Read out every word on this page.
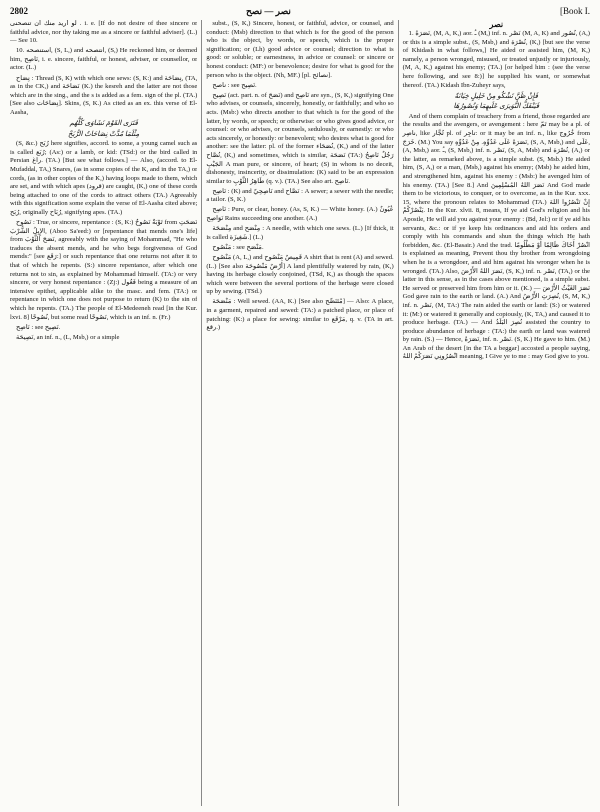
2802	نصر — نصح	[Book I.

لو أريد منك أن تنصحنى . i. e. [If do not desire of thee sincere or faithful advice, nor thy taking me as a sincere or faithful adviser]. (L.) — See 10.

10. استنصحه, (S, L,) and انتصحه, (S,) He reckoned him, or deemed him, نَاصِح, i. e. sincere, faithful, or honest, adviser, or counsellor, or actor. (L.)

نِصَاح : Thread (S, K) with which one sews: (S, K:) and نِصَاحَة, (TA, as in the CK,) and نَصَاحَة (K.) the kesreh and the latter are not those which are in the sing., and the s is added as a fem. sign of the pl. (TA.) [See also نِصَاحَات]. Skins, (S, K.) As cited as an ex. this verse of El-Aasha,

فَتَرَى القَوْمَ نَشَاوَى كُلَّهُم

مِثْلَمَا مُدَّتْ نِصَاحَاتُ الرُّبَحْ

(S, &c.) رُبَح here signifies, accord. to some, a young camel such as is called رُبَع; (As:) or a lamb, or kid: (TSd:) or the bird called in Persian راغ. (TA.) [But see what follows.] — Also, (accord. to El-Mufaddal, TA,) Snares, (as in some copies of the K, and in the TA,) or cords, (as in other copies of the K,) having loops made to them, which are set, and with which apes (قرود) are caught, (K,) one of these cords being attached to one of the cords to attract others (TA.) Agreeably with this signification some explain the verse of El-Aasha cited above; رُبَح, originally رُبَاح, signifying apes. (TA.)

نَصُوح : True, or sincere, repentance : (S, K:) تَوْبَةٌ نَصُوحٌ from نَصَحَتِ الإِبِلُ الشُّرْبَ, (Aboo Sa'eed:) or [repentance that mends one's life] from نَصَحَ الثَّوْبَ, agreeably with the saying of Mohammad, "He who traduces the absent mends, and he who begs forgiveness of God mends:" [see رَقَع:] or such repentance that one returns not after it to that of which he repents. (S:) sincere repentance, after which one returns not to sin, as explained by Mohammad himself. (TA:) or very sincere, or very honest repentance : (Zj:) فَعُول being a measure of an intensive epithet, applicable alike to the masc. and fem. (TA:) or repentance in which one does not purpose to return (K) to the sin of which he repents. (TA.) The people of El-Medeeneh read [in the Kur. lxvi. 8] نُصُوحًا, but some read نَصُوحًا, which is an inf. n. (Fr.)

نَاصِح : see نَصِيح.

نَصِيحَة, an inf. n., (L, Msb,) or a simple

subst., (S, K,) Sincere, honest, or faithful, advice, or counsel, and conduct: (Msb) direction to that which is for the good of the person who is the object, by words, or speech, which is the proper signification; or (Lh) good advice or counsel; direction to what is good: or soluble; or earnestness, in advice or counsel: or sincere or honest conduct: (MF:) or benevolence; desire for what is good for the person who is the object. (Nh, MF.) [pl. نصائح].

ناصح : see نَصِيح.

نَصِيح (act. part. n. of نَصَحَ) and نَاصِح are syn., (S, K,) signifying One who advises, or counsels, sincerely, honestly, or faithfully; and who so acts. (Msb:) who directs another to that which is for the good of the latter, by words, or speech; or otherwise: or who gives good advice, or counsel: or who advises, or counsels, sedulously, or earnestly: or who acts sincerely, or honestly: or benevolent; who desires what is good for another: see the latter: pl. of the former نُصَحَاء, (K,) and of the latter نُصَّاح, (K,) and sometimes, which is similar, نَصَحَة (TA:) رَجُلٌ نَاصِحُ الجَيْبِ A man pure, or sincere, of heart; (S) in whom is no deceit, dishonesty, insincerity, or dissimulation: (K) said to be an expression similar to طَاهِرُ الثَّوْبِ (q. v.). (TA.) See also art. نَاصِح.

نَاصِح : (K) and نَاصِحِيّ and نَصَّاح : A sewer; a sewer with the needle; a tailor. (S, K.)

نَاصِح : Pure, or clear, honey. (As, S, K.) — White honey. (A.) عُيُونٌ نَوَاصِح Rains succeeding one another. (A.)

مِنْصَحَة and مِنْصَح : A needle, with which one sews. (L.) [If thick, it is called شَغِيزَة.] (L.)

مَنْصُوح : see مَنْصَح.

مَنْصُوح (A, L,) and قَمِيصٌ مَنْصُوح A shirt that is rent (A) and sewed. (L.) [See also أَرْضٌ مَنْصُوحَة] A land plentifully watered by rain, (K,) having its herbage closely conjoined, (TSd, K,) as though the spaces which were between the several portions of the herbage were closed up by sewing. (TSd.)

مَنْصَحَة : Well sewed. (AA, K.) [See also مُتَنَصِّح] — Also: A place, in a garment, repaired and sewed: (TA:) a patched place, or place of patching: (K:) a place for sewing: similar to مَرْقَع, q. v. (TA in art. رقع.)

نصر

1. نَصَرَهُ, (M, A, K,) aor. ـُ (M,) inf. n. نَصْر (M, A, K) and نُصُور, (A,) or this is a simple subst., (S, Msb,) and نُصْرَة, (K,) [but see the verse of Khidash in what follows,] He aided or assisted him, (M, K,) namely, a person wronged, misused, or treated unjustly or injuriously, (M, A, K,) against his enemy; (TA.) [or helped him : (see the verse here following, and see 8:)] he supplied his want, or somewhat thereof. (TA.) Kidash Ibn-Zuheyr says,

فَإِنْ ظَنَّ تَشْكُو مِنْ خَلِيلٍ خِيَانَةً

فَيَنْفَكُّ النُّوَيرَى عَلَيهِمَا وَنُصُورُهَا

And of them complain of treachery from a friend, those regarded are the results and the avengers, or avengement : here تَمّ may be a pl. of ناصِر, like تُجَّار pl. of تاجِر: or it may be an inf. n., like خُرُوج from خَرَجَ. (M.) You say نَصَرَهُ عَلَى عَدُوِّهِ. مِنْ عَدُوِّهِ, (S, A, Msb,) and عَلَى, (A, Msb,) aor. ـُ, (S, Msb,) inf. n. نَصْر, (S, A, Msb) and نُصْرَة, (A,) or the latter, as remarked above, is a simple subst. (S, Msb.) He aided him, (S, A,) or a man, (Msb,) against his enemy; (Msb) he aided him, and strengthened him, against his enemy : (Msb:) he avenged him of his enemy. (TA.) [See 8.] And نَصَرَ اللهُ المُسْلِمِينَ And God made them to be victorious, to conquer, or to overcome, as in the Kur. xxx. 15, where the pronoun relates to Mohammad (TA.) إِنْ تَنْصُرُوا اللهَ يَنْصُرْكُمْ. In the Kur. xlvii. 8, means, If ye aid God's religion and his Apostle, He will aid you against your enemy : (Bd, Jel:) or if ye aid his servants, &c.: or if ye keep his ordinances and aid his orders and comply with his commands and shun the things which He hath forbidden, &c. (El-Basair.) And the trad. انْصُرْ أَخَاكَ ظَالِمًا أَوْ مَظْلُومًا is explained as meaning, Prevent thou thy brother from wrongdoing when he is a wrongdoer, and aid him against his wronger when he is wronged. (TA.) Also, نَصَرَ اللهُ الأَرْضَ, (S, K,) inf. n. نَصْر, (TA,) or the latter in this sense, as in the cases above mentioned, is a simple subst. He served or preserved him from him or it. (K.) — نَصَرَ الغَيْثُ الأَرْضَ God gave rain to the earth or land. (A.) And نُصِرَتِ الأَرْضُ, (S, M, K,) inf. n. نَصْر, (M, TA:) The rain aided the earth or land: (S:) or watered it: (M:) or watered it generally and copiously, (K, TA,) and caused it to produce herbage. (TA.) — And نُصِرَ البَلَدُ assisted the country to produce abundance of herbage : (TA:) the earth or land was watered by rain. (S.) — Hence, نَصَرَهُ, inf. n. نَصْر. (S, K.) He gave to him. (M.) An Arab of the desert [in the TA a beggar] accosted a people saying, انْصُرُونِي نَصَرَكُمُ اللهُ meaning, I Give ye to me : may God give to you.
